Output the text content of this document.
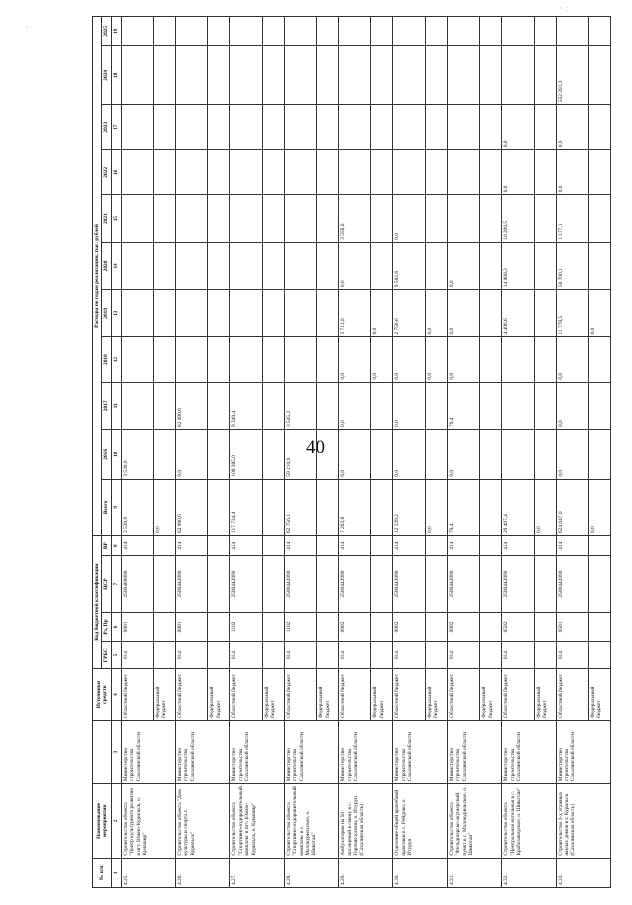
· : ˙ ·
, ·
40
№ п/п	Наименование мероприятия		Источники средств	Код бюджетной классификации				Расходы по годам реализации, тыс. рублей										
				ГРБС	Рз, Пр	ЦСР	ВР	Всего	2016	2017	2018	2019	2020	2021	2022	2023	2024	2025
1	2	3	4	5	6	7	8	9	10	11	12	13	14	15	16	17	18	19
4.25.	Строительство объекта "Центр культурного развития в пгт. Южно-Курильск, о. Кунашир"	Министерство строительства Сахалинской области	Областной бюджет	014	0801	2500460090	414	3 539,0	3 539,0									
			Федеральный бюджет					0,0										
4.26.	Строительство объекта "Дом культуры и спорта г. Курильск"	Министерство строительства Сахалинской области	Областной бюджет	014	0801	2500442090	414	62 990,6	0,0	62 990,6								
			Федеральный бюджет															
4.27.	Строительство объекта "Спортивно-оздоровительный комплекс в пгт. Южно-Курильск, о. Кунашир"	Министерство строительства Сахалинской области	Областной бюджет	014	1102	2500442090	414	117 734,4	108 385,0	9 349,4								
			Федеральный бюджет															
4.28.	Строительство объекта "Спортивно-оздоровительный комплекс в с. Малокурильское, о. Шикотан"	Министерство строительства Сахалинской области	Областной бюджет	014	1102	2500442090	414	62 756,1	59 210,9	3 545,2								
			Федеральный бюджет															
4.29.	Амбулатория на 50 посещений в смену в с. Горячие ключи, о. Итуруп (Сахалинская область)	Министерство строительства Сахалинской области	Областной бюджет	014	0902	2500442090	414	7 263,8	0,0	0,0	0,0	3 713,8	0,0	3 550,0				
			Федеральный бюджет								0,0	0,0						
4.30.	Отделение общей врачебной практики в с. Рейдово, о. Итуруп	Министерство строительства Сахалинской области	Областной бюджет	014	0902	2500442090	414	12 339,2	0,0	0,0	0,0	2 756,6	9 582,6	0,0				
			Федеральный бюджет					0,0			0,0	0,0						
4.31.	Строительство объекта "Фельдшерско-акушерский пункт в с. Малокурильское, о. Шикотан"	Министерство строительства Сахалинской области	Областной бюджет	014	0902	2500442090	414	79,4	0,0	79,4	0,0	0,0	0,0					
			Федеральный бюджет															
4.32.	Строительство объекта "Центральная котельная в с. Крабозаводское, о. Шикотан"	Министерство строительства Сахалинской области	Областной бюджет	014	0502	2500442090	414	29 497,4				4 496,6	14 800,3	10 200,5	0,0	0,0		
			Федеральный бюджет					0,0										
4.33.	Строительство 3-х этажных жилых домов в г. Курильск (Сахалинская область)	Министерство строительства Сахалинской области	Областной бюджет	014	0501	2500442090	414	624 047,0	0,0	0,0	0,0	11 778,5	58 700,1	1 177,1	0,0	0,0	552 391,3	
			Федеральный бюджет					0,0				0,0						
